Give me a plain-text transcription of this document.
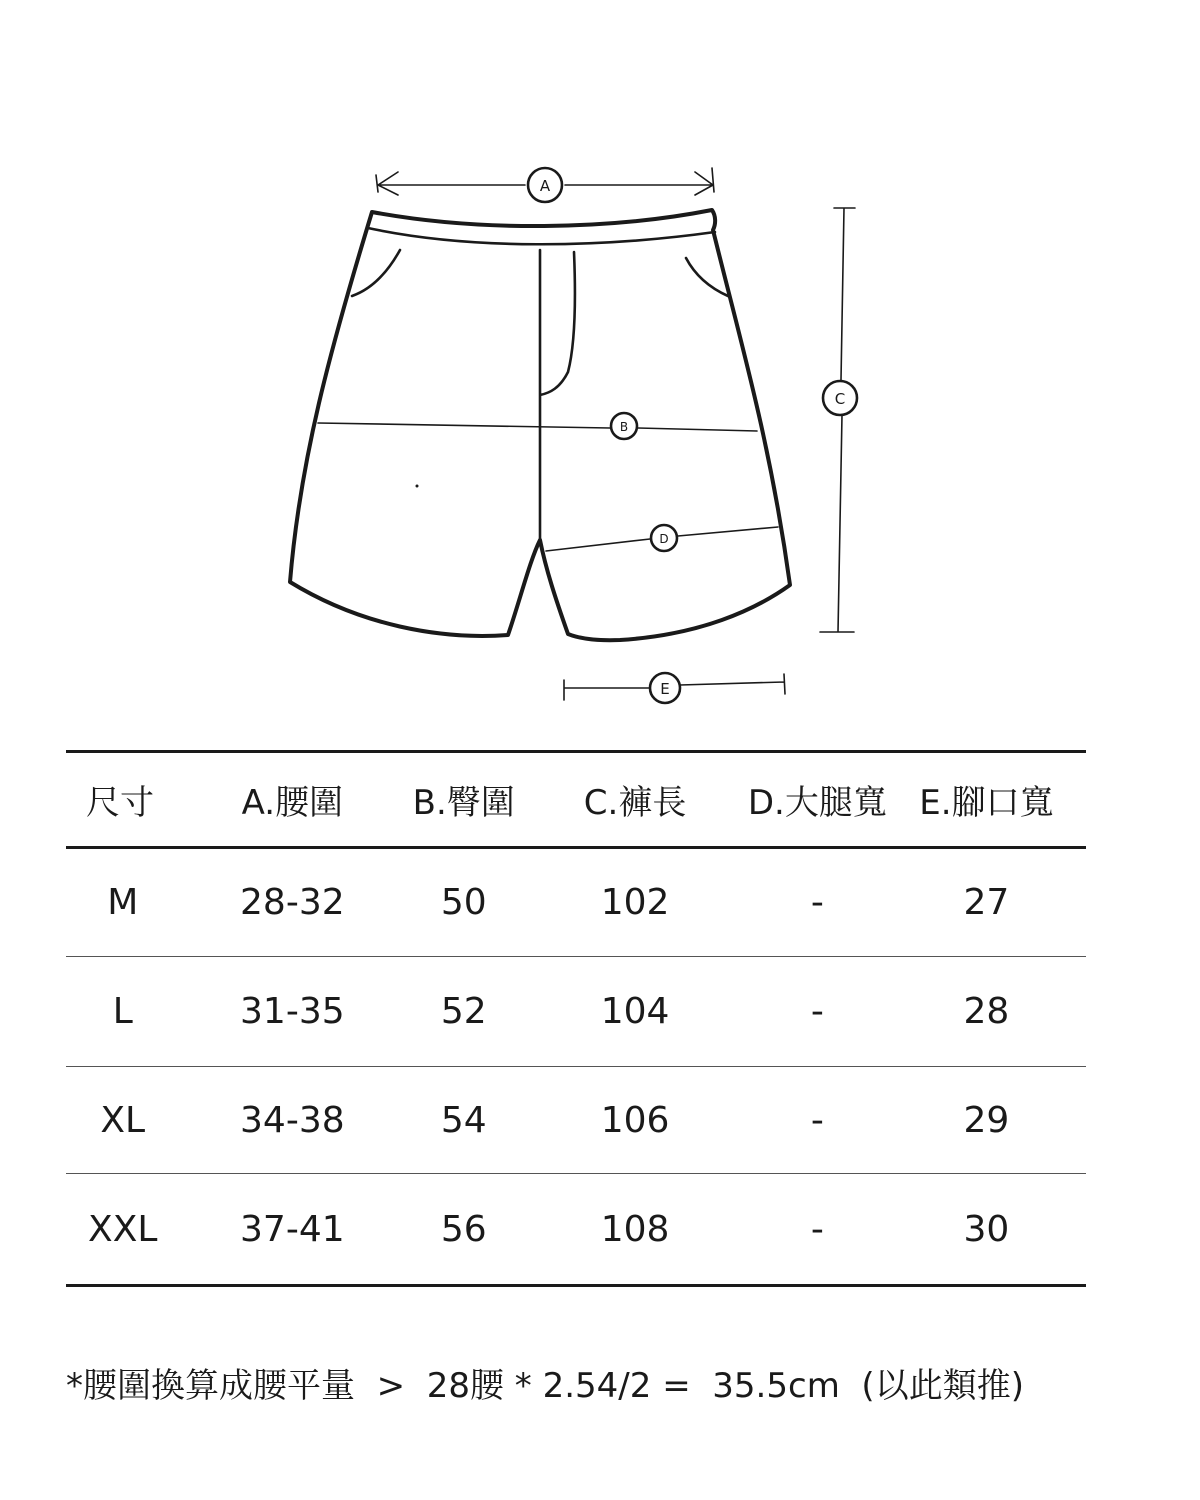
A
B
C
D
E
尺寸	A.腰圍	B.臀圍	C.褲長	D.大腿寬	E.腳口寬
M	28-32	50	102	-	27
L	31-35	52	104	-	28
XL	34-38	54	106	-	29
XXL	37-41	56	108	-	30
*腰圍換算成腰平量  >  28腰 * 2.54/2 =  35.5cm  (以此類推)
